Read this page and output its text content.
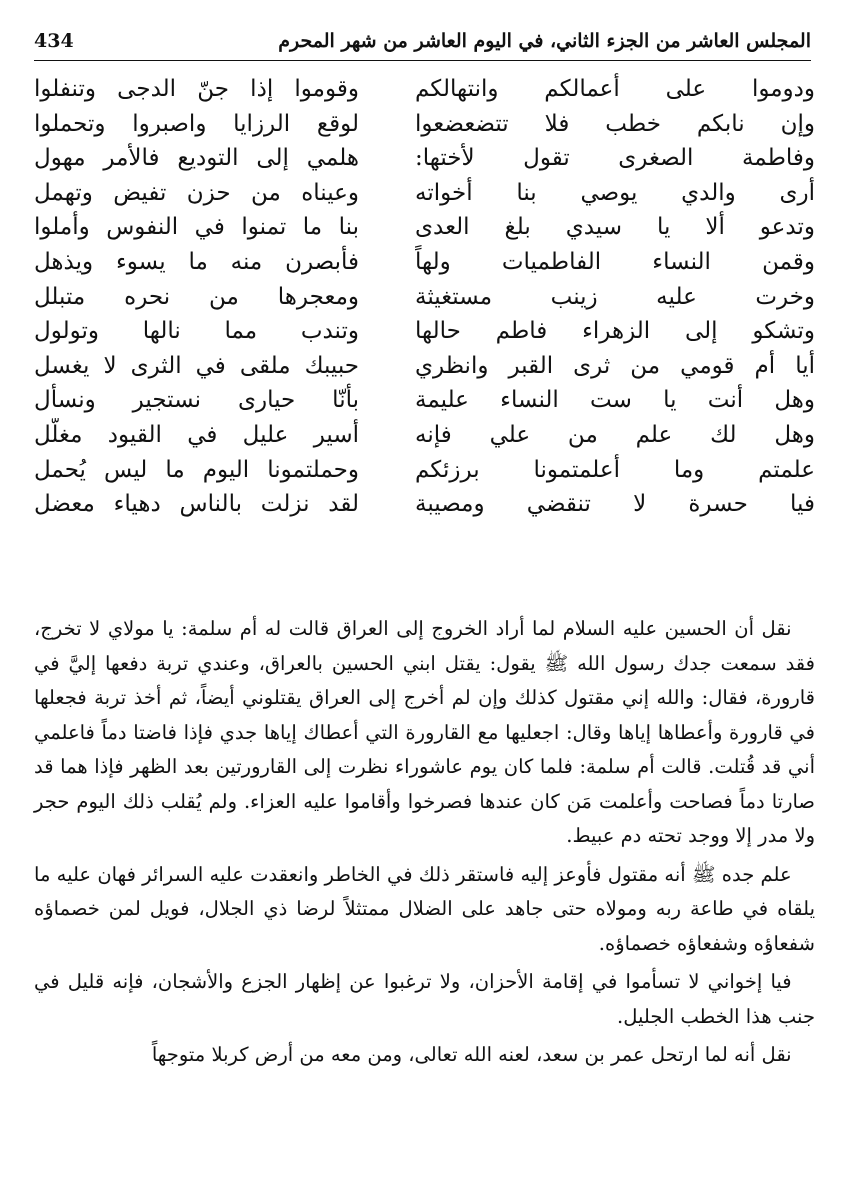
المجلس العاشر من الجزء الثاني، في اليوم العاشر من شهر المحرم
434
ودوموا على أعمالكم وانتهالكم
وقوموا إذا جنّ الدجى وتنفلوا
وإن نابكم خطب فلا تتضعضعوا
لوقع الرزايا واصبروا وتحملوا
وفاطمة الصغرى تقول لأختها:
هلمي إلى التوديع فالأمر مهول
أرى والدي يوصي بنا أخواته
وعيناه من حزن تفيض وتهمل
وتدعو ألا يا سيدي بلغ العدى
بنا ما تمنوا في النفوس وأملوا
وقمن النساء الفاطميات ولهاً
فأبصرن منه ما يسوء ويذهل
وخرت عليه زينب مستغيثة
ومعجرها من نحره متبلل
وتشكو إلى الزهراء فاطم حالها
وتندب مما نالها وتولول
أيا أم قومي من ثرى القبر وانظري
حبيبك ملقى في الثرى لا يغسل
وهل أنت يا ست النساء عليمة
بأنّا حيارى نستجير ونسأل
وهل لك علم من علي فإنه
أسير عليل في القيود مغلّل
علمتم وما أعلمتمونا برزئكم
وحملتمونا اليوم ما ليس يُحمل
فيا حسرة لا تنقضي ومصيبة
لقد نزلت بالناس دهياء معضل

نقل أن الحسين عليه السلام لما أراد الخروج إلى العراق قالت له أم سلمة: يا مولاي لا تخرج، فقد سمعت جدك رسول الله ﷺ يقول: يقتل ابني الحسين بالعراق، وعندي تربة دفعها إليَّ في قارورة، فقال: والله إني مقتول كذلك وإن لم أخرج إلى العراق يقتلوني أيضاً، ثم أخذ تربة فجعلها في قارورة وأعطاها إياها وقال: اجعليها مع القارورة التي أعطاك إياها جدي فإذا فاضتا دماً فاعلمي أني قد قُتلت. قالت أم سلمة: فلما كان يوم عاشوراء نظرت إلى القارورتين بعد الظهر فإذا هما قد صارتا دماً فصاحت وأعلمت مَن كان عندها فصرخوا وأقاموا عليه العزاء. ولم يُقلب ذلك اليوم حجر ولا مدر إلا ووجد تحته دم عبيط.

علم جده ﷺ أنه مقتول فأوعز إليه فاستقر ذلك في الخاطر وانعقدت عليه السرائر فهان عليه ما يلقاه في طاعة ربه ومولاه حتى جاهد على الضلال ممتثلاً لرضا ذي الجلال، فويل لمن خصماؤه شفعاؤه وشفعاؤه خصماؤه.

فيا إخواني لا تسأموا في إقامة الأحزان، ولا ترغبوا عن إظهار الجزع والأشجان، فإنه قليل في جنب هذا الخطب الجليل.

نقل أنه لما ارتحل عمر بن سعد، لعنه الله تعالى، ومن معه من أرض كربلا متوجهاً
